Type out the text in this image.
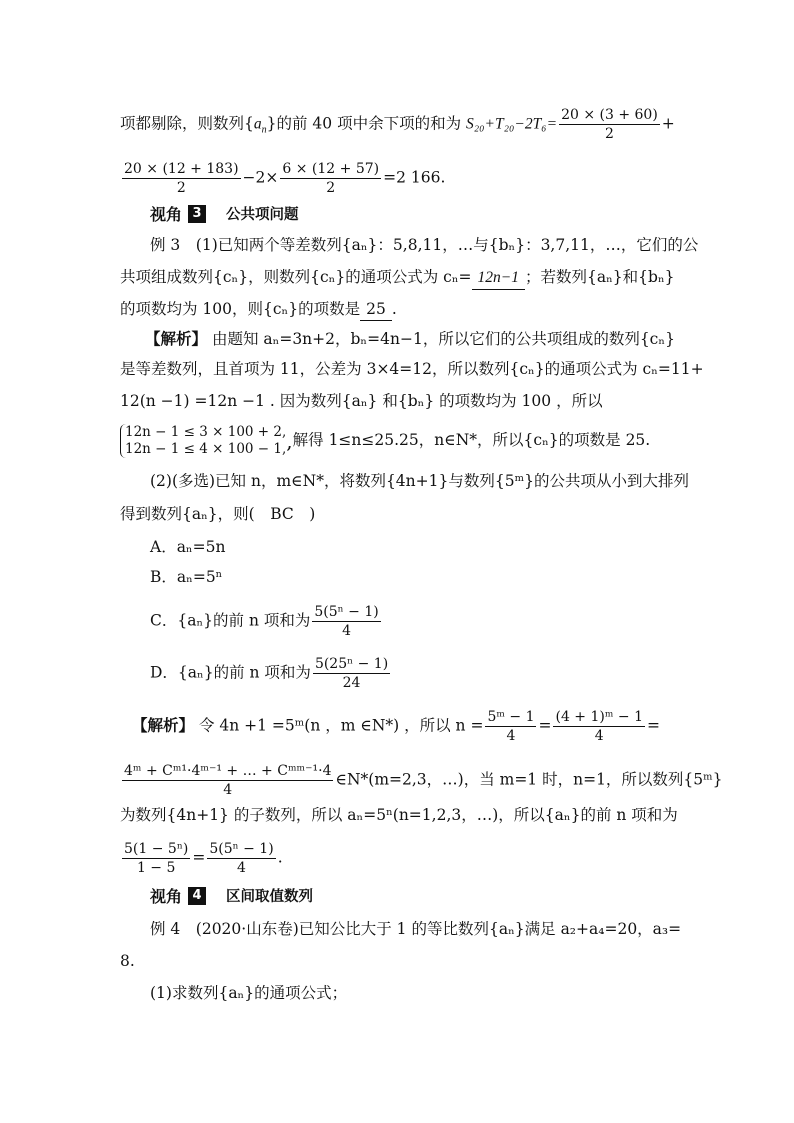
项都剔除，则数列$\{a_n\}$的前 40 项中余下项的和为 $S_{20}+T_{20}-2T_6= \frac{20 \times (3 + 60)}{2}$ +
$\frac{20 \times (12 + 183)}{2} -2\times \frac{6 \times (12 + 57)}{2} =2$ 166.
视角 3	公共项问题
例 3　(1)已知两个等差数列{aₙ}：5,8,11，…与{bₙ}：3,7,11，…，它们的公
共项组成数列{cₙ}，则数列{cₙ}的通项公式为 cₙ= 12n−1 ；若数列{aₙ}和{bₙ}
的项数均为 100，则{cₙ}的项数是 25 .
【解析】 由题知 aₙ=3n+2，bₙ=4n−1，所以它们的公共项组成的数列{cₙ}
是等差数列，且首项为 11，公差为 3×4=12，所以数列{cₙ}的通项公式为 cₙ=11+
12(n −1) =12n −1 . 因为数列{aₙ} 和{bₙ} 的项数均为 100 ，所以
12n − 1 ≤ 3 × 100 + 2,
12n − 1 ≤ 4 × 100 − 1, ,解得 1≤n≤25.25，n∈N*，所以{cₙ}的项数是 25.
(2)(多选)已知 n，m∈N*，将数列{4n+1}与数列{5ᵐ}的公共项从小到大排列
得到数列{aₙ}，则(　BC　)
A．aₙ=5n
B．aₙ=5ⁿ
C．{aₙ}的前 n 项和为 $\frac{\text{5(5ⁿ − 1)}}{4}$
D．{aₙ}的前 n 项和为 $\frac{\text{5(25ⁿ − 1)}}{24}$
【解析】 令 4n +1 =5ᵐ(n ，m ∈N*) ，所以 $n = \frac{\text{5ᵐ − 1}}{4} = \frac{\text{(4 + 1)ᵐ − 1}}{4}$ =
4ᵐ + Cᵐ¹·4ᵐ⁻¹ + … + Cᵐᵐ⁻¹·4
4
∈N*(m=2,3，…)，当 m=1 时，n=1，所以数列{5ᵐ}
为数列{4n+1} 的子数列，所以 aₙ=5ⁿ(n=1,2,3，…)，所以{aₙ}的前 n 项和为
$\frac{\text{5(1 − 5ⁿ)}}{1 - 5} = \frac{\text{5(5ⁿ − 1)}}{4}$ .
视角 4	区间取值数列
例 4　(2020·山东卷)已知公比大于 1 的等比数列{aₙ}满足 a₂+a₄=20，a₃=
8.
(1)求数列{aₙ}的通项公式；
